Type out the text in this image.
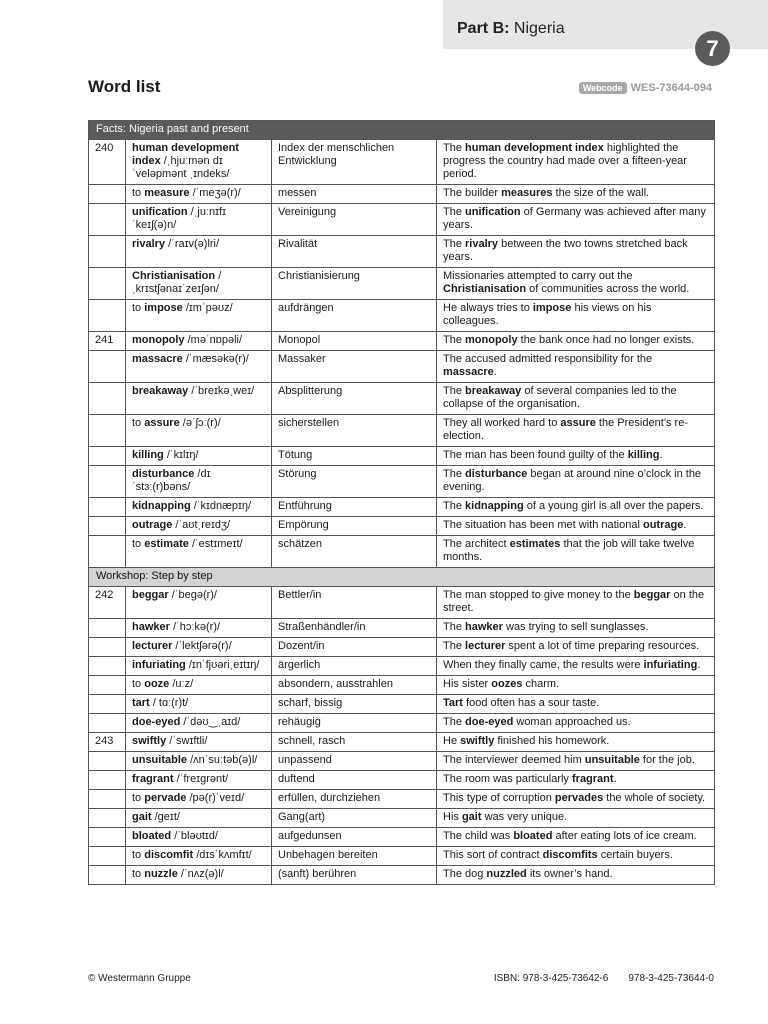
Part B: Nigeria
7
Word list	Webcode WES-73644-094
Facts: Nigeria past and present			
240	human development index /ˌhjuːmən dɪˈveləpmənt ˌɪndeks/	Index der menschlichen Entwicklung	The human development index highlighted the progress the country had made over a fifteen-year period.
	to measure /ˈmeʒə(r)/	messen	The builder measures the size of the wall.
	unification /ˌjuːnɪfɪˈkeɪʃ(ə)n/	Vereinigung	The unification of Germany was achieved after many years.
	rivalry /ˈraɪv(ə)lri/	Rivalität	The rivalry between the two towns stretched back years.
	Christianisation /ˌkrɪstʃənaɪˈzeɪʃən/	Christianisierung	Missionaries attempted to carry out the Christianisation of communities across the world.
	to impose /ɪmˈpəʊz/	aufdrängen	He always tries to impose his views on his colleagues.
241	monopoly /məˈnɒpəli/	Monopol	The monopoly the bank once had no longer exists.
	massacre /ˈmæsəkə(r)/	Massaker	The accused admitted responsibility for the massacre.
	breakaway /ˈbreɪkəˌweɪ/	Absplitterung	The breakaway of several companies led to the collapse of the organisation.
	to assure /əˈʃɔː(r)/	sicherstellen	They all worked hard to assure the President’s re-election.
	killing /ˈkɪlɪŋ/	Tötung	The man has been found guilty of the killing.
	disturbance /dɪˈstɜː(r)bəns/	Störung	The disturbance began at around nine o’clock in the evening.
	kidnapping /ˈkɪdnæpɪŋ/	Entführung	The kidnapping of a young girl is all over the papers.
	outrage /ˈaʊtˌreɪdʒ/	Empörung	The situation has been met with national outrage.
	to estimate /ˈestɪmeɪt/	schätzen	The architect estimates that the job will take twelve months.
Workshop: Step by step			
242	beggar /ˈbeɡə(r)/	Bettler/in	The man stopped to give money to the beggar on the street.
	hawker /ˈhɔːkə(r)/	Straßenhändler/in	The hawker was trying to sell sunglasses.
	lecturer /ˈlektʃərə(r)/	Dozent/in	The lecturer spent a lot of time preparing resources.
	infuriating /ɪnˈfjʊəriˌeɪtɪŋ/	ärgerlich	When they finally came, the results were infuriating.
	to ooze /uːz/	absondern, ausstrahlen	His sister oozes charm.
	tart / tɑː(r)t/	scharf, bissig	Tart food often has a sour taste.
	doe-eyed /ˈdəʊ‿ˌaɪd/	rehäugig	The doe-eyed woman approached us.
243	swiftly /ˈswɪftli/	schnell, rasch	He swiftly finished his homework.
	unsuitable /ʌnˈsuːtəb(ə)l/	unpassend	The interviewer deemed him unsuitable for the job.
	fragrant /ˈfreɪɡrənt/	duftend	The room was particularly fragrant.
	to pervade /pə(r)ˈveɪd/	erfüllen, durchziehen	This type of corruption pervades the whole of society.
	gait /ɡeɪt/	Gang(art)	His gait was very unique.
	bloated /ˈbləʊtɪd/	aufgedunsen	The child was bloated after eating lots of ice cream.
	to discomfit /dɪsˈkʌmfɪt/	Unbehagen bereiten	This sort of contract discomfits certain buyers.
	to nuzzle /ˈnʌz(ə)l/	(sanft) berühren	The dog nuzzled its owner’s hand.
© Westermann Gruppe	ISBN: 978-3-425-73642-6 978-3-425-73644-0
